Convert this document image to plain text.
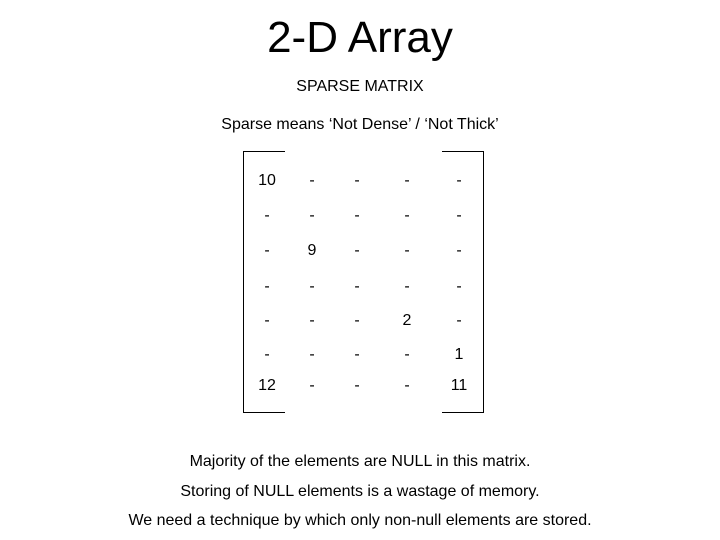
2-D Array
SPARSE MATRIX
Sparse means ‘Not Dense’ / ‘Not Thick’
10	-	-	-	-
-	-	-	-	-
-	9	-	-	-
-	-	-	-	-
-	-	-	2	-
-	-	-	-	1
12	-	-	-	11
Majority of the elements are NULL in this matrix.
Storing of NULL elements is a wastage of memory.
We need a technique by which only non-null elements are stored.
